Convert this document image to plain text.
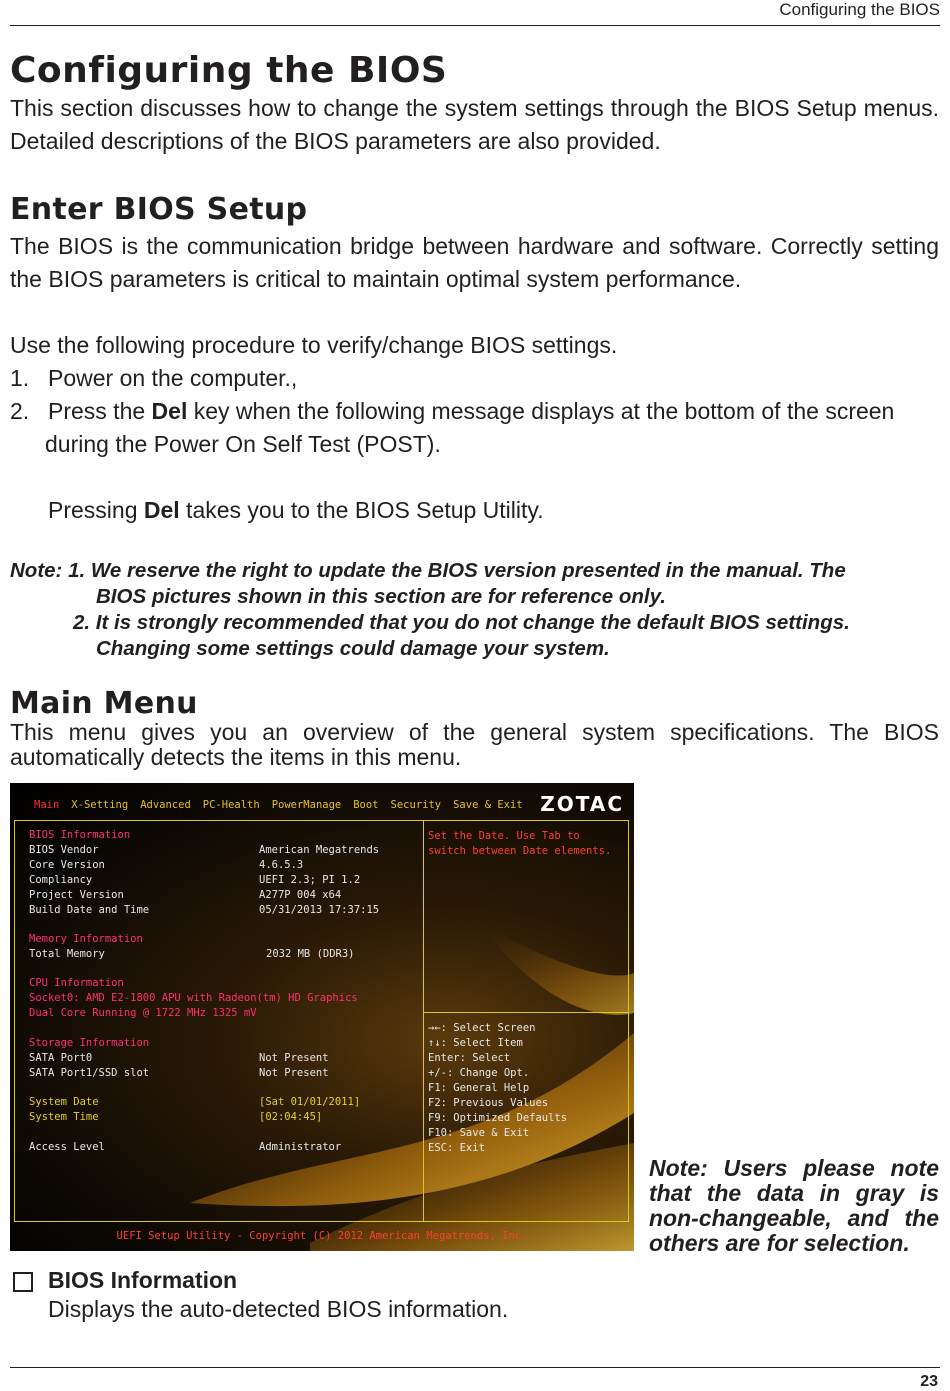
Configuring the BIOS
Configuring the BIOS

This section discusses how to change the system settings through the BIOS Setup menus. Detailed descriptions of the BIOS parameters are also provided.

Enter BIOS Setup

The BIOS is the communication bridge between hardware and software. Correctly setting the BIOS parameters is critical to maintain optimal system performance.

Use the following procedure to verify/change BIOS settings.
1. Power on the computer.,
2. Press the Del key when the following message displays at the bottom of the screen
during the Power On Self Test (POST).
Pressing Del takes you to the BIOS Setup Utility.
Note: 1. We reserve the right to update the BIOS version presented in the manual. The
BIOS pictures shown in this section are for reference only.
2. It is strongly recommended that you do not change the default BIOS settings.
Changing some settings could damage your system.
Main Menu

This menu gives you an overview of the general system specifications. The BIOS automatically detects the items in this menu.

Main X-Setting Advanced PC-Health PowerManage Boot Security Save & Exit ZOTAC
BIOS Information
BIOS Vendor	American Megatrends
Core Version	4.6.5.3
Compliancy	UEFI 2.3; PI 1.2
Project Version	A277P 004 x64
Build Date and Time	05/31/2013 17:37:15
Memory Information
Total Memory	2032 MB (DDR3)
CPU Information
Socket0: AMD E2-1800 APU with Radeon(tm) HD Graphics
Dual Core Running @ 1722 MHz 1325 mV
Storage Information
SATA Port0	Not Present
SATA Port1/SSD slot	Not Present
System Date	[Sat 01/01/2011]
System Time	[02:04:45]
Access Level	Administrator
Set the Date. Use Tab to
switch between Date elements.
→←: Select Screen
↑↓: Select Item
Enter: Select
+/-: Change Opt.
F1: General Help
F2: Previous Values
F9: Optimized Defaults
F10: Save & Exit
ESC: Exit
UEFI Setup Utility - Copyright (C) 2012 American Megatrends, Inc.
Note: Users please note that the data in gray is non-changeable, and the others are for selection.
BIOS Information
Displays the auto-detected BIOS information.
23
